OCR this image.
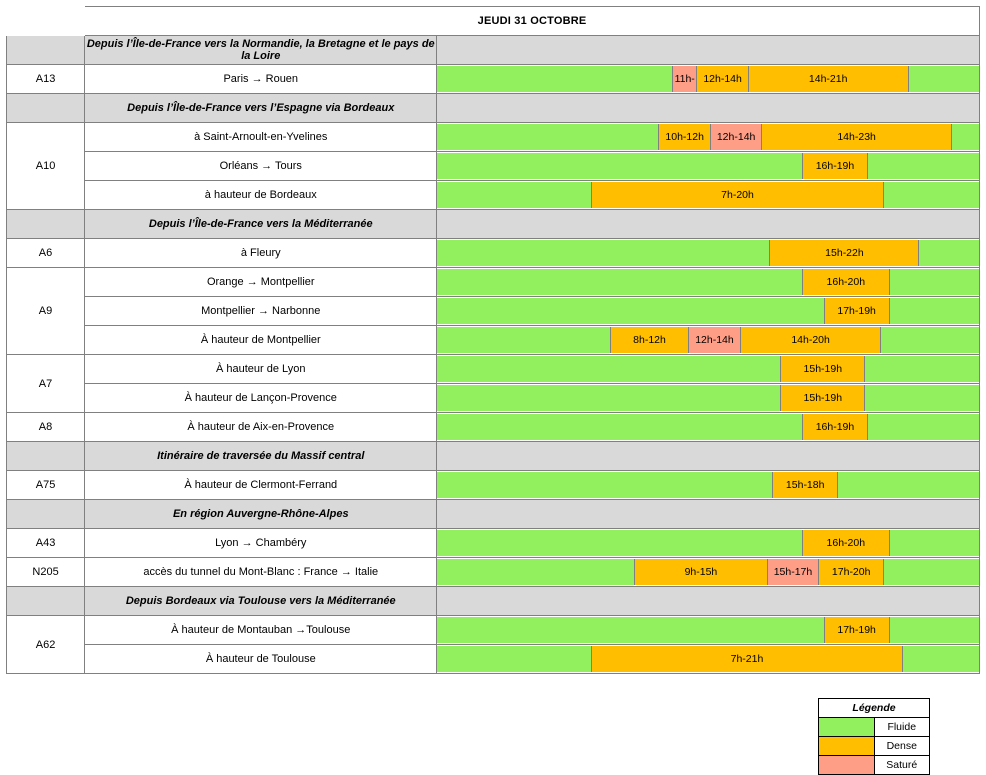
	JEUDI 31 OCTOBRE	
	Depuis l’Île-de-France vers la Normandie, la Bretagne et le pays de la Loire	
A13	Paris → Rouen	11h- 12h-14h 14h-21h

	Depuis l’Île-de-France vers l’Espagne via Bordeaux	
A10	à Saint-Arnoult-en-Yvelines	10h-12h 12h-14h 14h-23h

	Orléans → Tours	16h-19h

	à hauteur de Bordeaux	7h-20h

	Depuis l’Île-de-France vers la Méditerranée	
A6	à Fleury	15h-22h

A9	Orange → Montpellier	16h-20h

	Montpellier → Narbonne	17h-19h

	À hauteur de Montpellier	8h-12h 12h-14h 14h-20h

A7	À hauteur de Lyon	15h-19h

	À hauteur de Lançon-Provence	15h-19h

A8	À hauteur de Aix-en-Provence	16h-19h

	Itinéraire de traversée du Massif central	
A75	À hauteur de Clermont-Ferrand	15h-18h

	En région Auvergne-Rhône-Alpes	
A43	Lyon → Chambéry	16h-20h

N205	accès du tunnel du Mont-Blanc : France → Italie	9h-15h 15h-17h 17h-20h

	Depuis Bordeaux via Toulouse vers la Méditerranée	
A62	À hauteur de Montauban →Toulouse	17h-19h

	À hauteur de Toulouse	7h-21h
Légende	
	Fluide
	Dense
	Saturé
